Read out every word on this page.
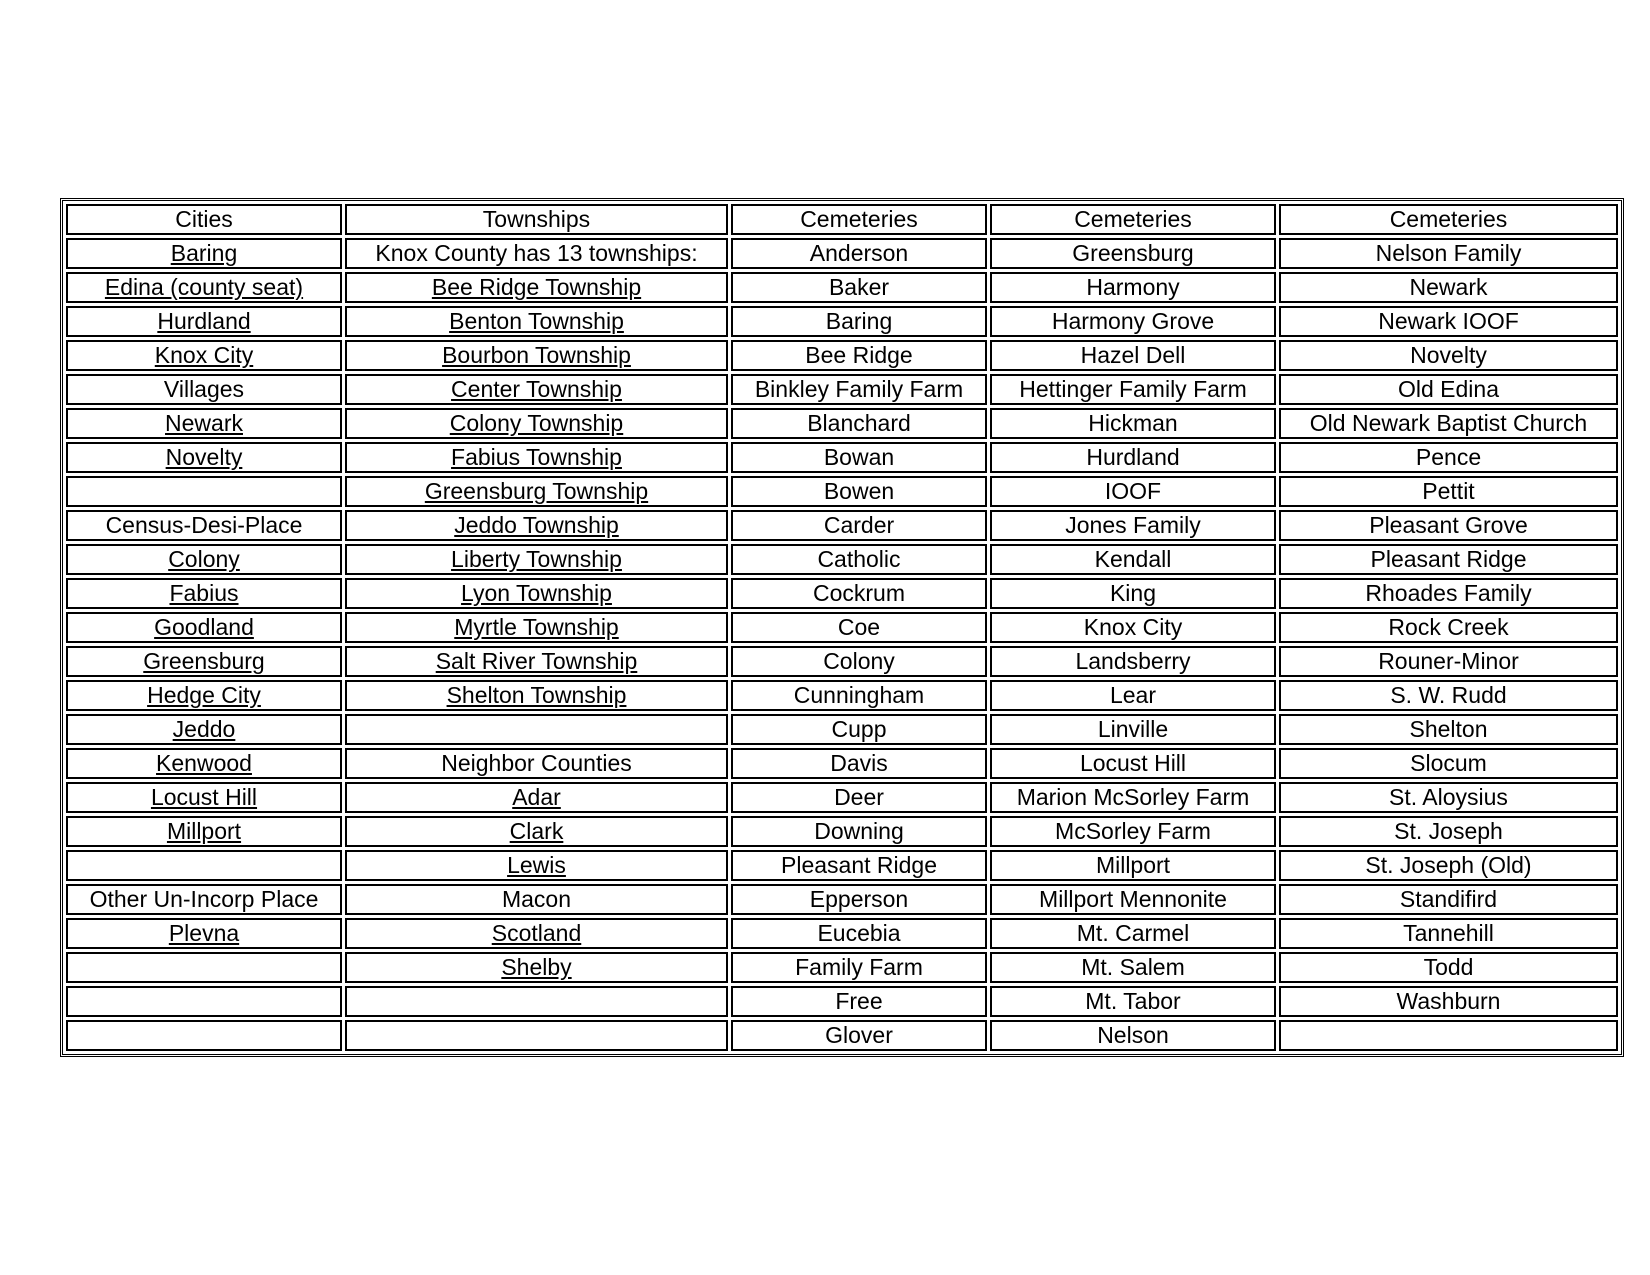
Cities	Townships	Cemeteries	Cemeteries	Cemeteries
Baring	Knox County has 13 townships:	Anderson	Greensburg	Nelson Family
Edina (county seat)	Bee Ridge Township	Baker	Harmony	Newark
Hurdland	Benton Township	Baring	Harmony Grove	Newark IOOF
Knox City	Bourbon Township	Bee Ridge	Hazel Dell	Novelty
Villages	Center Township	Binkley Family Farm	Hettinger Family Farm	Old Edina
Newark	Colony Township	Blanchard	Hickman	Old Newark Baptist Church
Novelty	Fabius Township	Bowan	Hurdland	Pence
	Greensburg Township	Bowen	IOOF	Pettit
Census-Desi-Place	Jeddo Township	Carder	Jones Family	Pleasant Grove
Colony	Liberty Township	Catholic	Kendall	Pleasant Ridge
Fabius	Lyon Township	Cockrum	King	Rhoades Family
Goodland	Myrtle Township	Coe	Knox City	Rock Creek
Greensburg	Salt River Township	Colony	Landsberry	Rouner-Minor
Hedge City	Shelton Township	Cunningham	Lear	S. W. Rudd
Jeddo		Cupp	Linville	Shelton
Kenwood	Neighbor Counties	Davis	Locust Hill	Slocum
Locust Hill	Adar	Deer	Marion McSorley Farm	St. Aloysius
Millport	Clark	Downing	McSorley Farm	St. Joseph
	Lewis	Pleasant Ridge	Millport	St. Joseph (Old)
Other Un-Incorp Place	Macon	Epperson	Millport Mennonite	Standifird
Plevna	Scotland	Eucebia	Mt. Carmel	Tannehill
	Shelby	Family Farm	Mt. Salem	Todd
		Free	Mt. Tabor	Washburn
		Glover	Nelson	
